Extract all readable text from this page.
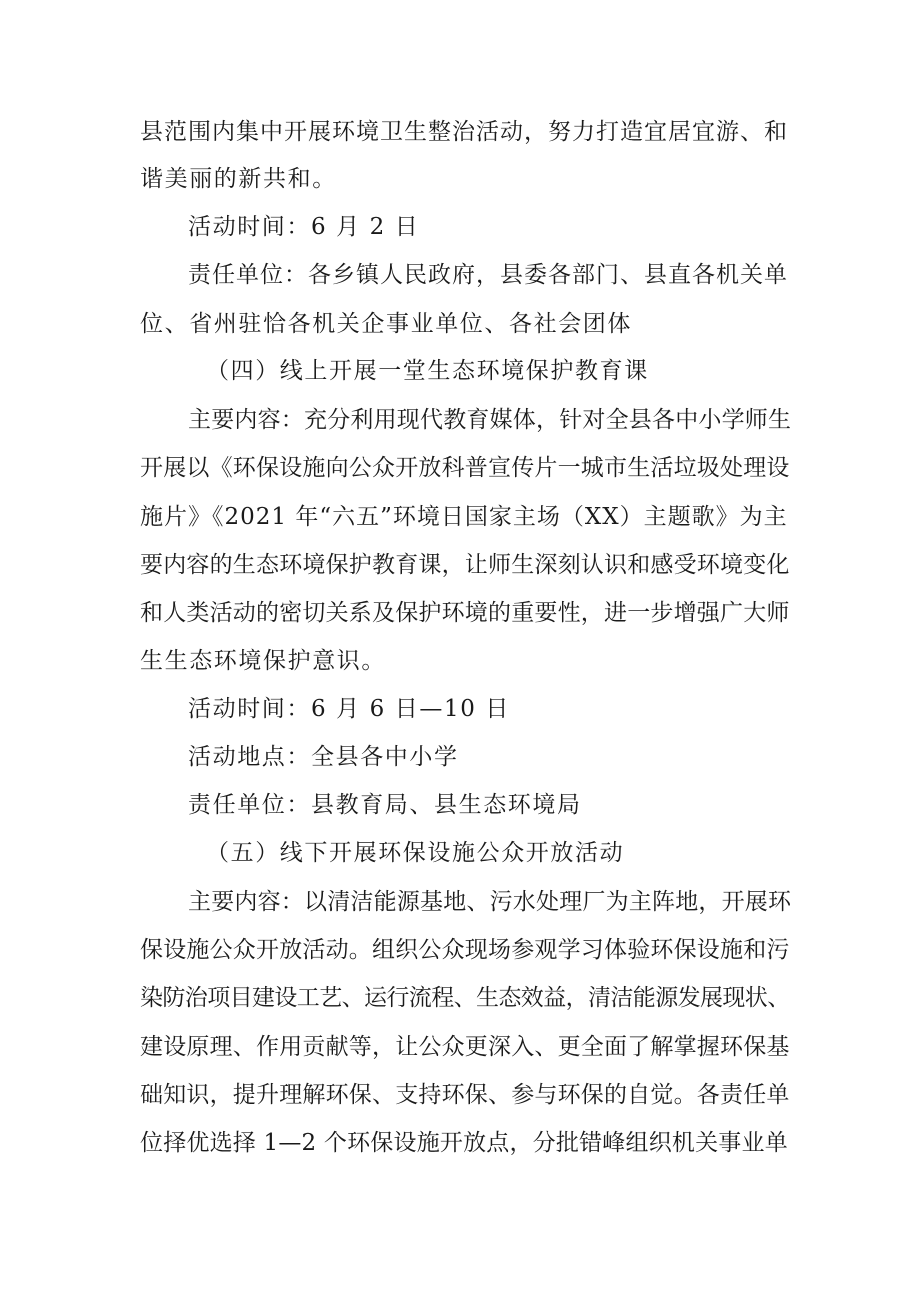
县范围内集中开展环境卫生整治活动，努力打造宜居宜游、和

谐美丽的新共和。

活动时间：6 月 2 日

责任单位：各乡镇人民政府，县委各部门、县直各机关单

位、省州驻恰各机关企事业单位、各社会团体

（四）线上开展一堂生态环境保护教育课

主要内容：充分利用现代教育媒体，针对全县各中小学师生

开展以《环保设施向公众开放科普宣传片一城市生活垃圾处理设

施片》《2021 年“六五”环境日国家主场（XX）主题歌》为主

要内容的生态环境保护教育课，让师生深刻认识和感受环境变化

和人类活动的密切关系及保护环境的重要性，进一步增强广大师

生生态环境保护意识。

活动时间：6 月 6 日—10 日

活动地点：全县各中小学

责任单位：县教育局、县生态环境局

（五）线下开展环保设施公众开放活动

主要内容：以清洁能源基地、污水处理厂为主阵地，开展环

保设施公众开放活动。组织公众现场参观学习体验环保设施和污

染防治项目建设工艺、运行流程、生态效益，清洁能源发展现状、

建设原理、作用贡献等，让公众更深入、更全面了解掌握环保基

础知识，提升理解环保、支持环保、参与环保的自觉。各责任单

位择优选择 1—2 个环保设施开放点，分批错峰组织机关事业单
